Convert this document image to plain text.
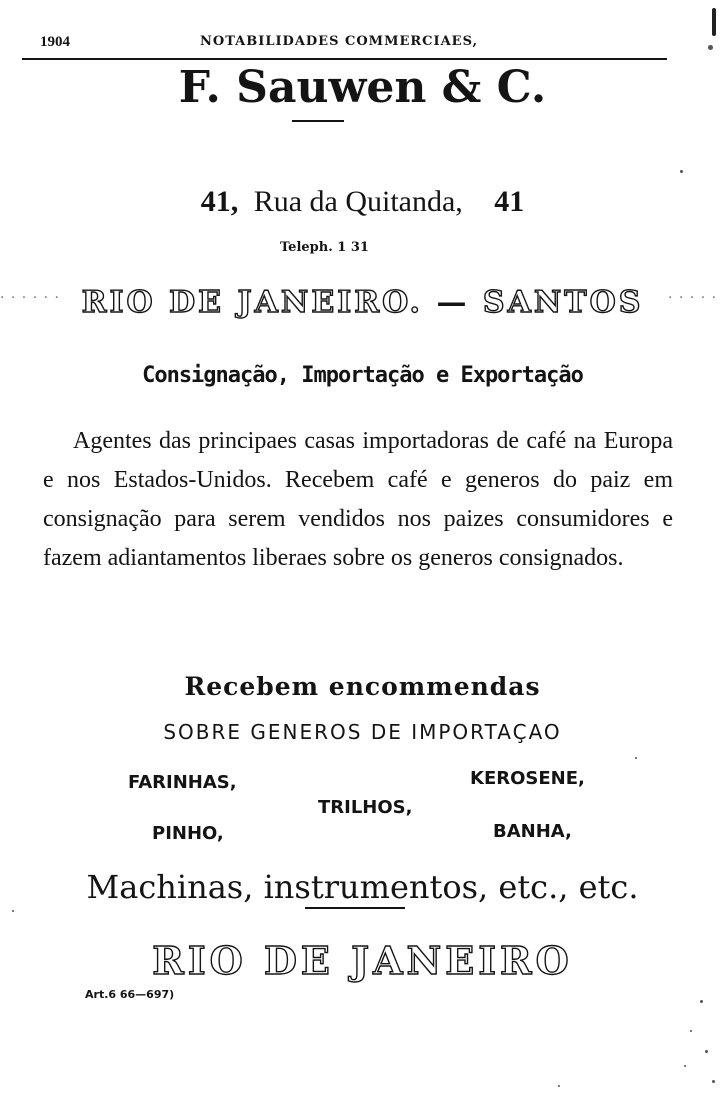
1904	NOTABILIDADES COMMERCIAES,
F. Sauwen & C.
41, Rua da Quitanda, 41
Teleph. 1 31
· · · · · · RIO DE JANEIRO. — SANTOS	· · · · ·
Consignação, Importação e Exportação

Agentes das principaes casas importadoras de café na Europa e nos Estados-Unidos. Recebem café e generos do paiz em consignação para serem vendidos nos paizes consumidores e fazem adiantamentos liberaes sobre os generos consignados.

Recebem encommendas
SOBRE GENEROS DE IMPORTAÇAO
FARINHAS,	KEROSENE,
TRILHOS,
PINHO,	BANHA,
Machinas, instrumentos, etc., etc.
RIO DE JANEIRO
Art.6 66—697)
